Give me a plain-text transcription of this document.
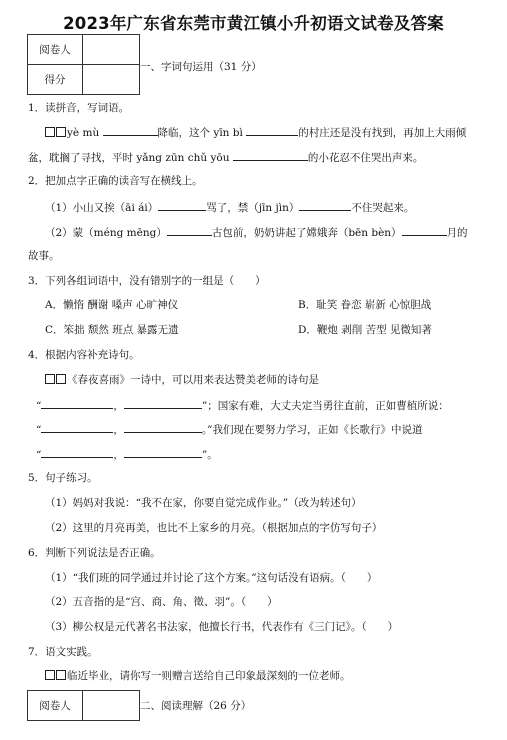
2023年广东省东莞市黄江镇小升初语文试卷及答案
阅卷人	
得分	
一、字词句运用（31 分）
1．读拼音，写词语。
yè mù	降临，这个 yīn bì	的村庄还是没有找到，再加上大雨倾
盆，耽搁了寻找，平时 yǎng zūn chǔ yōu	的小花忍不住哭出声来。
2．把加点字正确的读音写在横线上。
（1）小山又挨（āi ái）	骂了，禁（jīn jìn）	不住哭起来。
（2）蒙（méng mēng）	古包前，奶奶讲起了嫦娥奔（bēn bèn）	月的
故事。
3．下列各组词语中，没有错别字的一组是（　　）
A．懒惰 酬谢 嗓声 心旷神仪	B．耻笑 眷恋 崭新 心惊胆战
C．笨拙 颓然 班点 暴露无遗	D．鞭炮 剥削 苦型 见微知著
4．根据内容补充诗句。
《春夜喜雨》一诗中，可以用来表达赞美老师的诗句是
“	，	”；国家有难，大丈夫定当勇往直前，正如曹植所说：
“	，	。”我们现在要努力学习，正如《长歌行》中说道
“	，	”。
5．句子练习。
（1）妈妈对我说：“我不在家，你要自觉完成作业。”（改为转述句）
（2）这里的月亮再美，也比不上家乡的月亮。（根据加点的字仿写句子）
6．判断下列说法是否正确。
（1）“我们班的同学通过并讨论了这个方案。”这句话没有语病。（　　）
（2）五音指的是“宫、商、角、徵、羽”。（　　）
（3）柳公权是元代著名书法家，他擅长行书，代表作有《三门记》。（　　）
7．语文实践。
临近毕业，请你写一则赠言送给自己印象最深刻的一位老师。
阅卷人		二、阅读理解（26 分）
